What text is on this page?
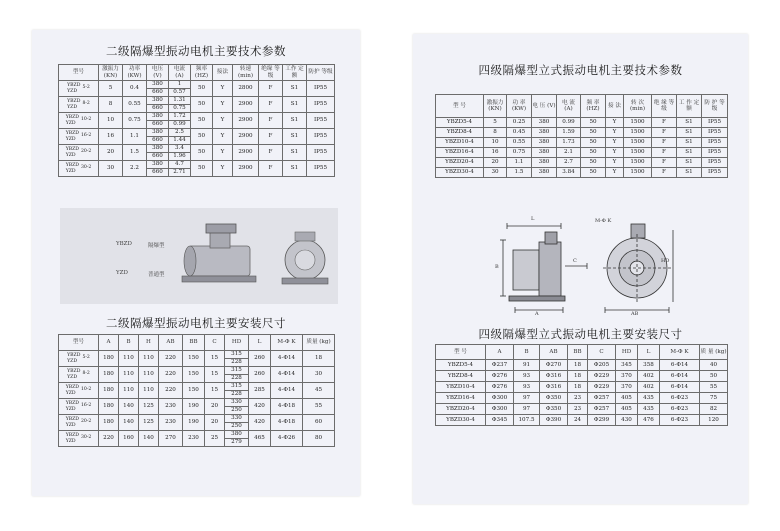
二级隔爆型振动电机主要技术参数
型号	激振力 (KN)	功率 (KW)	电压 (V)	电流 (A)	频率 (HZ)	接法	转速 (min)	绝缘 等级	工作 定额	防护 等级

YBZD
YZD
5-2	5	0.4	380	1	50	Y	2800	F	S1	IP55
			660	0.57						

YBZD
YZD
8-2	8	0.55	380	1.31	50	Y	2900	F	S1	IP55
			660	0.75						

YBZD
YZD
10-2	10	0.75	380	1.72	50	Y	2900	F	S1	IP55
			660	0.99						

YBZD
YZD
16-2	16	1.1	380	2.5	50	Y	2900	F	S1	IP55
			660	1.44						

YBZD
YZD
20-2	20	1.5	380	3.4	50	Y	2900	F	S1	IP55
			660	1.96						

YBZD
YZD
30-2	30	2.2	380	4.7	50	Y	2900	F	S1	IP55
			660	2.71						
YBZD	隔爆型
YZD	普通型
二级隔爆型振动电机主要安装尺寸
型号	A	B	H	AB	BB	C	HD	L	M-Φ K	质量 (kg)

YBZD
YZD
5-2	180	110	110	220	150	15	315	260	4-Φ14	18
							228			

YBZD
YZD
8-2	180	110	110	220	150	15	315	260	4-Φ14	30
							228			

YBZD
YZD
10-2	180	110	110	220	150	15	315	285	4-Φ14	45
							228			

YBZD
YZD
16-2	180	140	125	230	190	20	330	420	4-Φ18	55
							250			

YBZD
YZD
20-2	180	140	125	230	190	20	330	420	4-Φ18	60
							250			

YBZD
YZD
30-2	220	160	140	270	230	25	380	465	4-Φ26	80
							279			
四级隔爆型立式振动电机主要技术参数
型 号	激振力 (KN)	功 率 (KW)	电 压 (V)	电 流 (A)	频 率 (HZ)	接 法	转 次 (min)	绝 缘 等 级	工 作 定 额	防 护 等 级
YBZD5-4	5	0.25	380	0.99	50	Y	1500	F	S1	IP55
YBZD8-4	8	0.45	380	1.59	50	Y	1500	F	S1	IP55
YBZD10-4	10	0.55	380	1.73	50	Y	1500	F	S1	IP55
YBZD16-4	16	0.75	380	2.1	50	Y	1500	F	S1	IP55
YBZD20-4	20	1.1	380	2.7	50	Y	1500	F	S1	IP55
YBZD30-4	30	1.5	380	3.84	50	Y	1500	F	S1	IP55
L
B
C
M-Φ K
A	AB
HD
四级隔爆型立式振动电机主要安装尺寸
型 号	A	B	AB	BB	C	HD	L	M-Φ K	质 量 (kg)
YBZD5-4	Φ237	91	Φ270	18	Φ205	345	358	6-Φ14	40
YBZD8-4	Φ276	93	Φ316	18	Φ229	370	402	6-Φ14	50
YBZD10-4	Φ276	93	Φ316	18	Φ229	370	402	6-Φ14	55
YBZD16-4	Φ300	97	Φ350	23	Φ257	405	435	6-Φ23	75
YBZD20-4	Φ300	97	Φ350	23	Φ257	405	435	6-Φ23	82
YBZD30-4	Φ345	107.5	Φ390	24	Φ299	430	476	6-Φ23	120
